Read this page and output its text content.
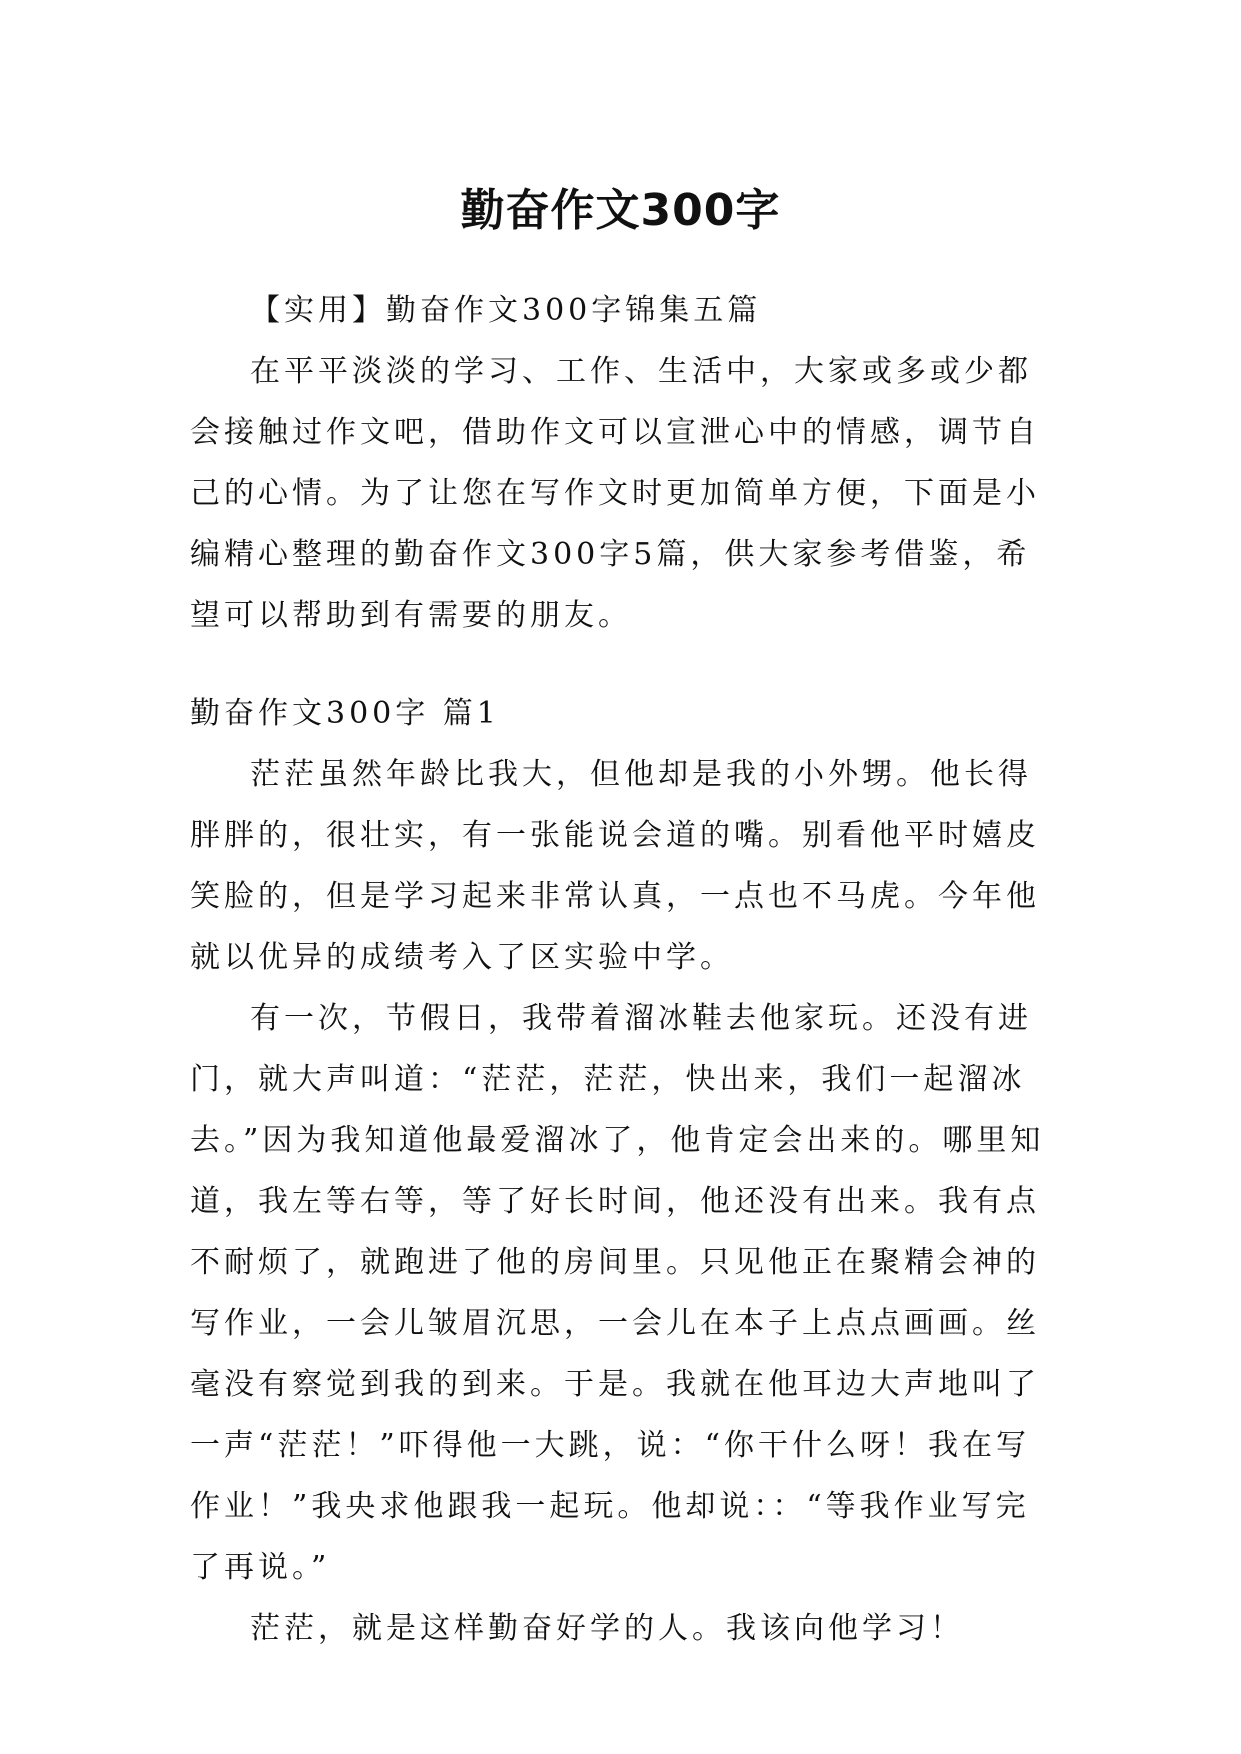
勤奋作文300字

【实用】勤奋作文300字锦集五篇

在平平淡淡的学习、工作、生活中，大家或多或少都会接触过作文吧，借助作文可以宣泄心中的情感，调节自己的心情。为了让您在写作文时更加简单方便，下面是小编精心整理的勤奋作文300字5篇，供大家参考借鉴，希望可以帮助到有需要的朋友。

勤奋作文300字 篇1

茫茫虽然年龄比我大，但他却是我的小外甥。他长得胖胖的，很壮实，有一张能说会道的嘴。别看他平时嬉皮笑脸的，但是学习起来非常认真，一点也不马虎。今年他就以优异的成绩考入了区实验中学。

有一次，节假日，我带着溜冰鞋去他家玩。还没有进门，就大声叫道：“茫茫，茫茫，快出来，我们一起溜冰去。”因为我知道他最爱溜冰了，他肯定会出来的。哪里知道，我左等右等，等了好长时间，他还没有出来。我有点不耐烦了，就跑进了他的房间里。只见他正在聚精会神的写作业，一会儿皱眉沉思，一会儿在本子上点点画画。丝毫没有察觉到我的到来。于是。我就在他耳边大声地叫了一声“茫茫！”吓得他一大跳，说：“你干什么呀！我在写作业！”我央求他跟我一起玩。他却说：：“等我作业写完了再说。”

茫茫，就是这样勤奋好学的人。我该向他学习！
